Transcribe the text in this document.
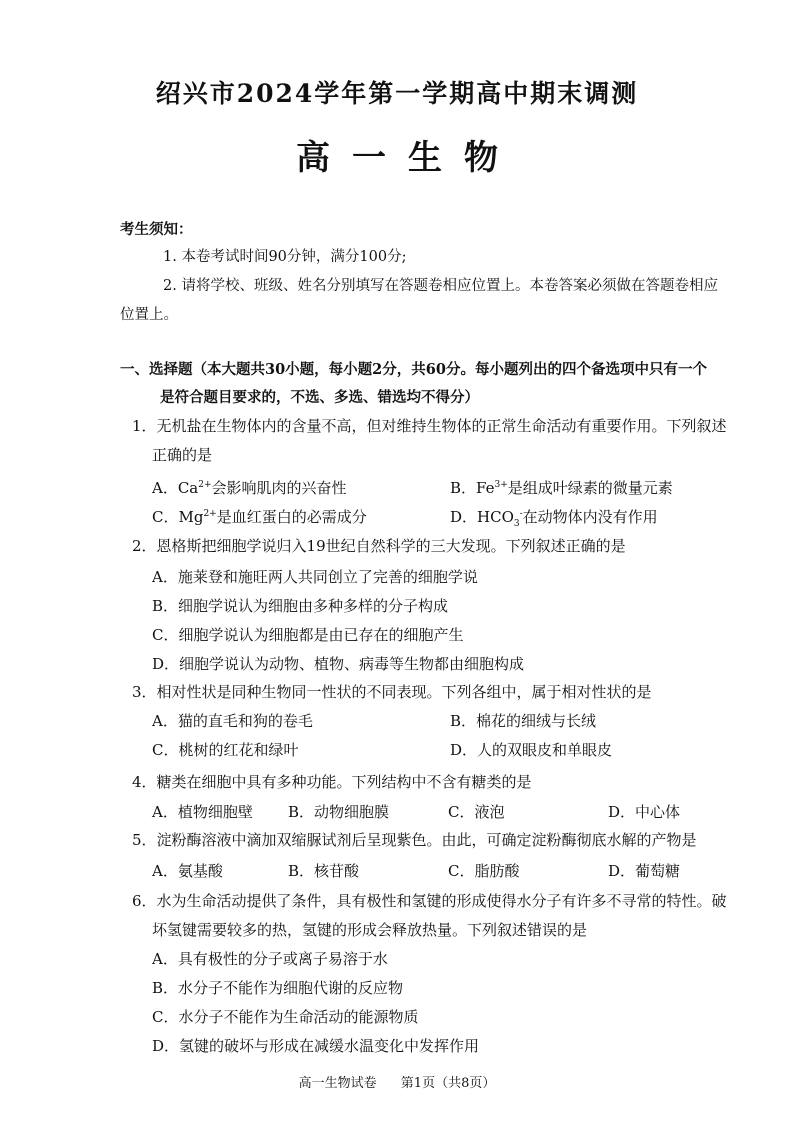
绍兴市2024学年第一学期高中期末调测
高一生物
考生须知：
1. 本卷考试时间90分钟，满分100分;
2. 请将学校、班级、姓名分别填写在答题卷相应位置上。本卷答案必须做在答题卷相应
位置上。
一、选择题（本大题共30小题，每小题2分，共60分。每小题列出的四个备选项中只有一个
是符合题目要求的，不选、多选、错选均不得分）
1．无机盐在生物体内的含量不高，但对维持生物体的正常生命活动有重要作用。下列叙述
正确的是
A．$Ca^{2+}$会影响肌肉的兴奋性	B．$Fe^{3+}$是组成叶绿素的微量元素
C．$Mg^{2+}$是血红蛋白的必需成分	D．$HCO_3^-$在动物体内没有作用
2．恩格斯把细胞学说归入19世纪自然科学的三大发现。下列叙述正确的是
A．施莱登和施旺两人共同创立了完善的细胞学说
B．细胞学说认为细胞由多种多样的分子构成
C．细胞学说认为细胞都是由已存在的细胞产生
D．细胞学说认为动物、植物、病毒等生物都由细胞构成
3．相对性状是同种生物同一性状的不同表现。下列各组中，属于相对性状的是
A．猫的直毛和狗的卷毛	B．棉花的细绒与长绒
C．桃树的红花和绿叶	D．人的双眼皮和单眼皮
4．糖类在细胞中具有多种功能。下列结构中不含有糖类的是
A．植物细胞壁 B．动物细胞膜	C．液泡	D．中心体
5．淀粉酶溶液中滴加双缩脲试剂后呈现紫色。由此，可确定淀粉酶彻底水解的产物是
A．氨基酸	B．核苷酸	C．脂肪酸	D．葡萄糖
6．水为生命活动提供了条件，具有极性和氢键的形成使得水分子有许多不寻常的特性。破
坏氢键需要较多的热，氢键的形成会释放热量。下列叙述错误的是
A．具有极性的分子或离子易溶于水
B．水分子不能作为细胞代谢的反应物
C．水分子不能作为生命活动的能源物质
D．氢键的破坏与形成在减缓水温变化中发挥作用
高一生物试卷 第1页（共8页）
